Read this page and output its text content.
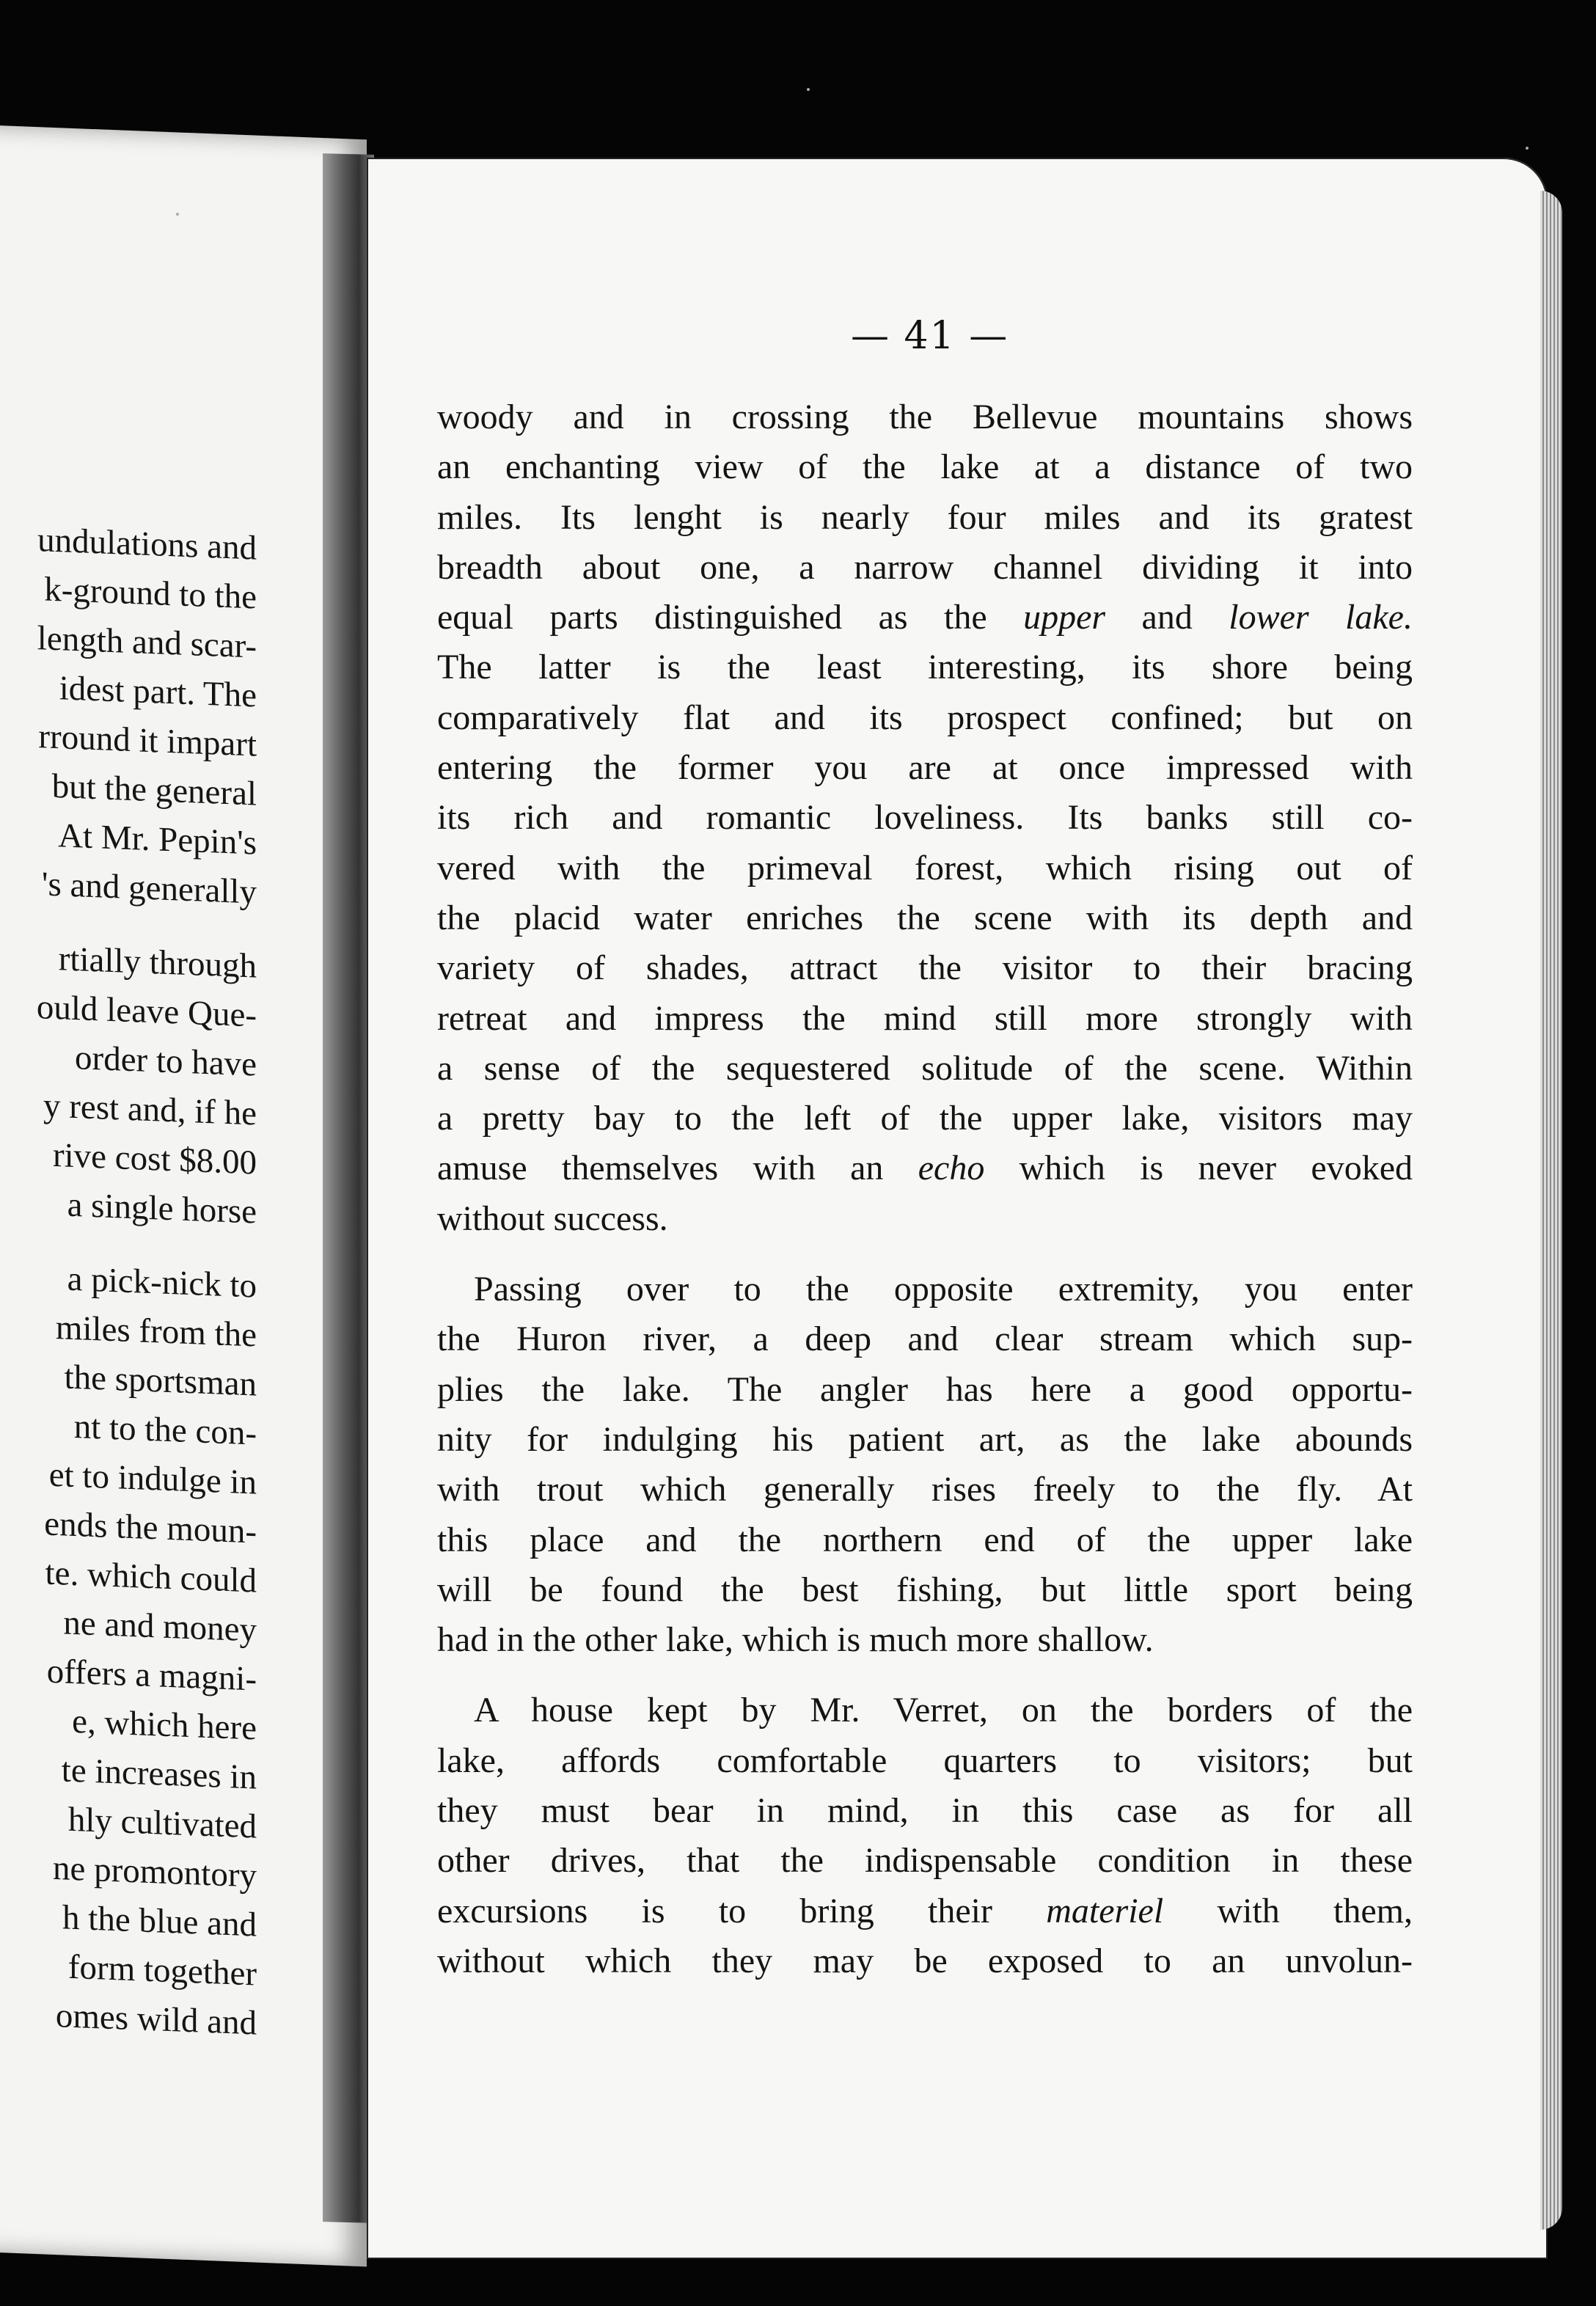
undulations and
k-ground to the
length and scar-
idest part. The
rround it impart
but the general
At Mr. Pepin's
's and generally
rtially through
ould leave Que-
order to have
y rest and, if he
rive cost $8.00
a single horse
a pick-nick to
miles from the
the sportsman
nt to the con-
et to indulge in
ends the moun-
te. which could
ne and money
offers a magni-
e, which here
te increases in
hly cultivated
ne promontory
h the blue and
form together
omes wild and
— 41 —
woody and in crossing the Bellevue mountains shows
an enchanting view of the lake at a distance of two
miles. Its lenght is nearly four miles and its gratest
breadth about one, a narrow channel dividing it into
equal parts distinguished as the upper and lower lake.
The latter is the least interesting, its shore being
comparatively flat and its prospect confined; but on
entering the former you are at once impressed with
its rich and romantic loveliness. Its banks still co-
vered with the primeval forest, which rising out of
the placid water enriches the scene with its depth and
variety of shades, attract the visitor to their bracing
retreat and impress the mind still more strongly with
a sense of the sequestered solitude of the scene. Within
a pretty bay to the left of the upper lake, visitors may
amuse themselves with an echo which is never evoked
without success.
Passing over to the opposite extremity, you enter
the Huron river, a deep and clear stream which sup-
plies the lake. The angler has here a good opportu-
nity for indulging his patient art, as the lake abounds
with trout which generally rises freely to the fly. At
this place and the northern end of the upper lake
will be found the best fishing, but little sport being
had in the other lake, which is much more shallow.
A house kept by Mr. Verret, on the borders of the
lake, affords comfortable quarters to visitors; but
they must bear in mind, in this case as for all
other drives, that the indispensable condition in these
excursions is to bring their materiel with them,
without which they may be exposed to an unvolun-
